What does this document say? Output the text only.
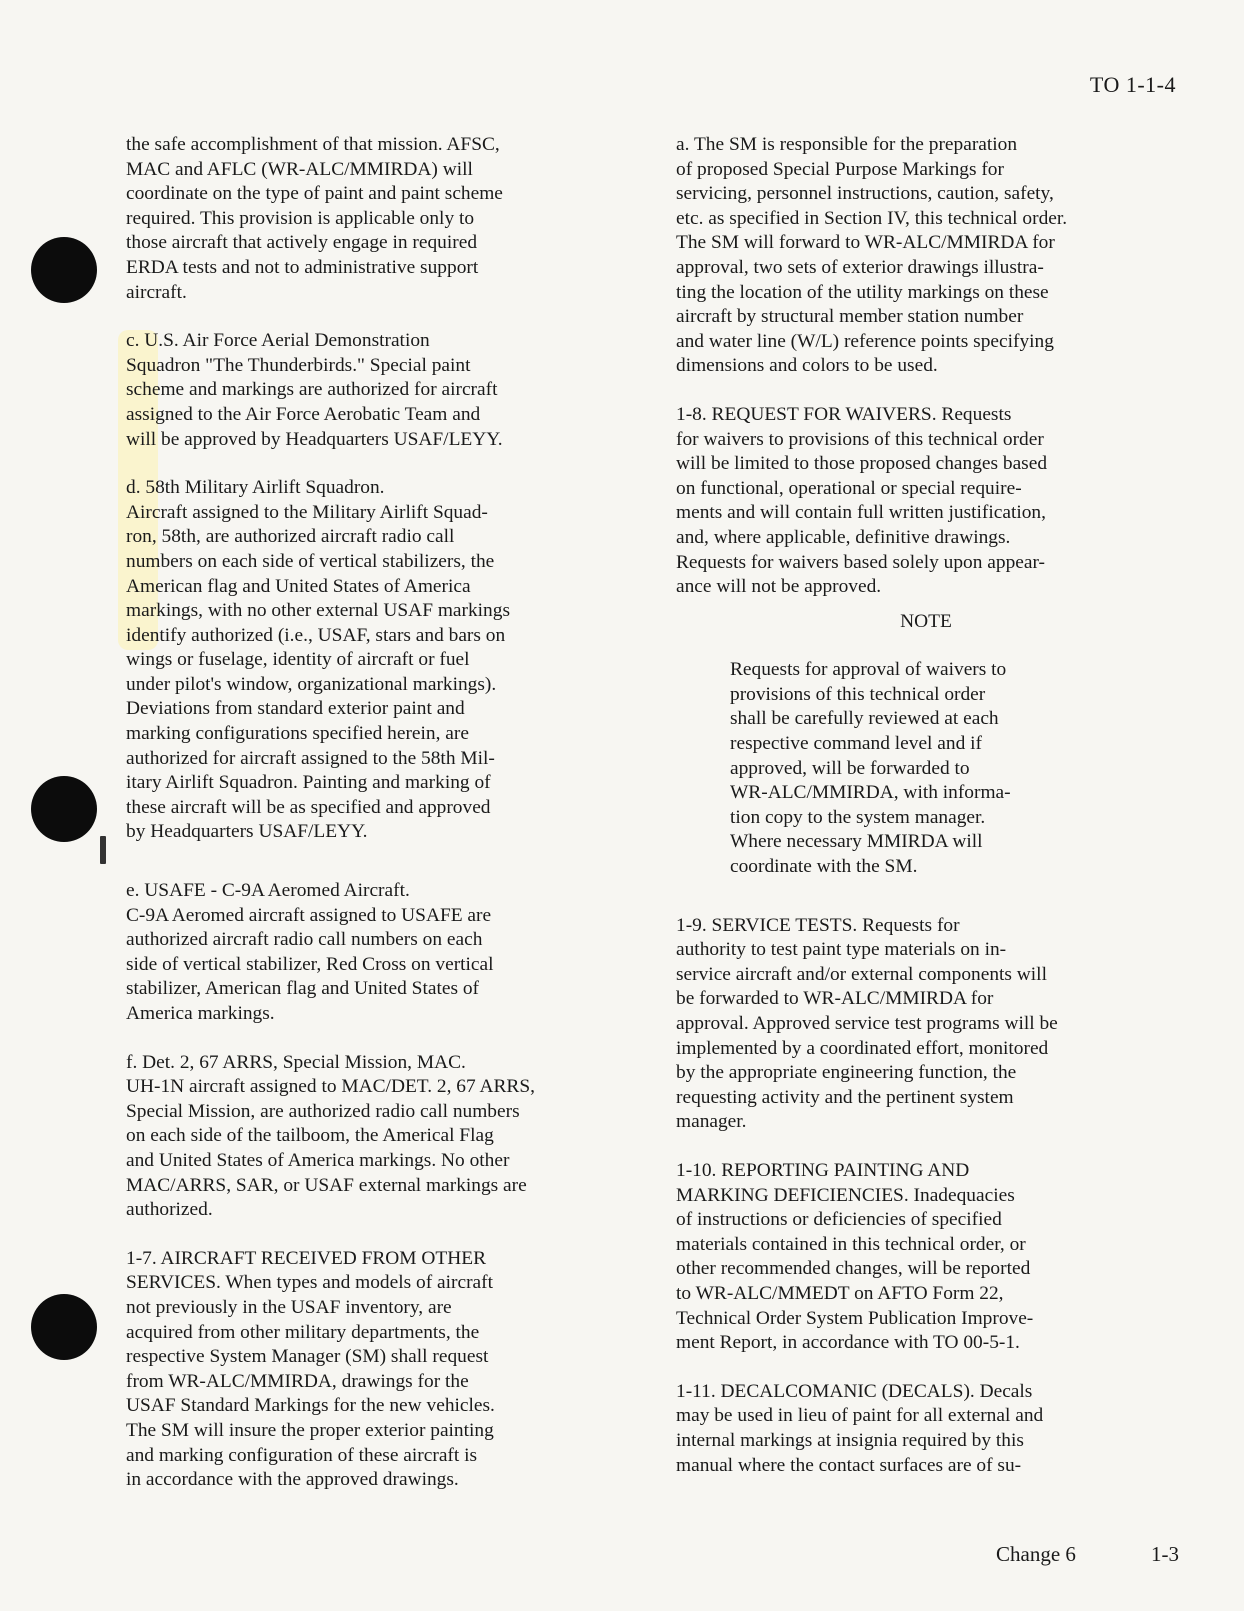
TO 1-1-4

the safe accomplishment of that mission. AFSC,
MAC and AFLC (WR-ALC/MMIRDA) will
coordinate on the type of paint and paint scheme
required. This provision is applicable only to
those aircraft that actively engage in required
ERDA tests and not to administrative support
aircraft.

c. U.S. Air Force Aerial Demonstration
Squadron "The Thunderbirds." Special paint
scheme and markings are authorized for aircraft
assigned to the Air Force Aerobatic Team and
will be approved by Headquarters USAF/LEYY.

d. 58th Military Airlift Squadron.
Aircraft assigned to the Military Airlift Squad-
ron, 58th, are authorized aircraft radio call
numbers on each side of vertical stabilizers, the
American flag and United States of America
markings, with no other external USAF markings
identify authorized (i.e., USAF, stars and bars on
wings or fuselage, identity of aircraft or fuel
under pilot's window, organizational markings).
Deviations from standard exterior paint and
marking configurations specified herein, are
authorized for aircraft assigned to the 58th Mil-
itary Airlift Squadron. Painting and marking of
these aircraft will be as specified and approved
by Headquarters USAF/LEYY.

e. USAFE - C-9A Aeromed Aircraft.
C-9A Aeromed aircraft assigned to USAFE are
authorized aircraft radio call numbers on each
side of vertical stabilizer, Red Cross on vertical
stabilizer, American flag and United States of
America markings.

f. Det. 2, 67 ARRS, Special Mission, MAC.
UH-1N aircraft assigned to MAC/DET. 2, 67 ARRS,
Special Mission, are authorized radio call numbers
on each side of the tailboom, the Americal Flag
and United States of America markings. No other
MAC/ARRS, SAR, or USAF external markings are
authorized.

1-7. AIRCRAFT RECEIVED FROM OTHER
SERVICES. When types and models of aircraft
not previously in the USAF inventory, are
acquired from other military departments, the
respective System Manager (SM) shall request
from WR-ALC/MMIRDA, drawings for the
USAF Standard Markings for the new vehicles.
The SM will insure the proper exterior painting
and marking configuration of these aircraft is
in accordance with the approved drawings.

a. The SM is responsible for the preparation
of proposed Special Purpose Markings for
servicing, personnel instructions, caution, safety,
etc. as specified in Section IV, this technical order.
The SM will forward to WR-ALC/MMIRDA for
approval, two sets of exterior drawings illustra-
ting the location of the utility markings on these
aircraft by structural member station number
and water line (W/L) reference points specifying
dimensions and colors to be used.

1-8. REQUEST FOR WAIVERS. Requests
for waivers to provisions of this technical order
will be limited to those proposed changes based
on functional, operational or special require-
ments and will contain full written justification,
and, where applicable, definitive drawings.
Requests for waivers based solely upon appear-
ance will not be approved.

NOTE

Requests for approval of waivers to
provisions of this technical order
shall be carefully reviewed at each
respective command level and if
approved, will be forwarded to
WR-ALC/MMIRDA, with informa-
tion copy to the system manager.
Where necessary MMIRDA will
coordinate with the SM.

1-9. SERVICE TESTS. Requests for
authority to test paint type materials on in-
service aircraft and/or external components will
be forwarded to WR-ALC/MMIRDA for
approval. Approved service test programs will be
implemented by a coordinated effort, monitored
by the appropriate engineering function, the
requesting activity and the pertinent system
manager.

1-10. REPORTING PAINTING AND
MARKING DEFICIENCIES. Inadequacies
of instructions or deficiencies of specified
materials contained in this technical order, or
other recommended changes, will be reported
to WR-ALC/MMEDT on AFTO Form 22,
Technical Order System Publication Improve-
ment Report, in accordance with TO 00-5-1.

1-11. DECALCOMANIC (DECALS). Decals
may be used in lieu of paint for all external and
internal markings at insignia required by this
manual where the contact surfaces are of su-

Change 6	1-3
